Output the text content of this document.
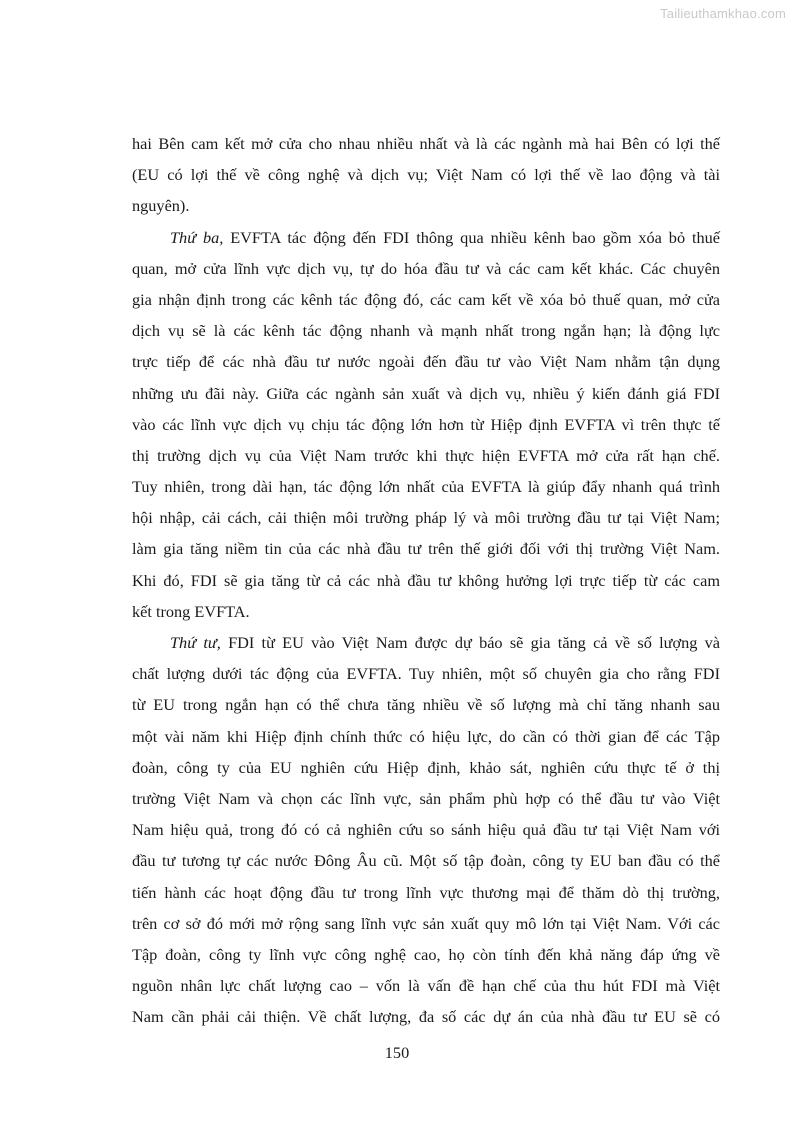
Tailieuthamkhao.com
hai Bên cam kết mở cửa cho nhau nhiều nhất và là các ngành mà hai Bên có lợi thế
(EU có lợi thế về công nghệ và dịch vụ; Việt Nam có lợi thế về lao động và tài
nguyên).
Thứ ba, EVFTA tác động đến FDI thông qua nhiều kênh bao gồm xóa bỏ thuế
quan, mở cửa lĩnh vực dịch vụ, tự do hóa đầu tư và các cam kết khác. Các chuyên
gia nhận định trong các kênh tác động đó, các cam kết về xóa bỏ thuế quan, mở cửa
dịch vụ sẽ là các kênh tác động nhanh và mạnh nhất trong ngắn hạn; là động lực
trực tiếp để các nhà đầu tư nước ngoài đến đầu tư vào Việt Nam nhằm tận dụng
những ưu đãi này. Giữa các ngành sản xuất và dịch vụ, nhiều ý kiến đánh giá FDI
vào các lĩnh vực dịch vụ chịu tác động lớn hơn từ Hiệp định EVFTA vì trên thực tế
thị trường dịch vụ của Việt Nam trước khi thực hiện EVFTA mở cửa rất hạn chế.
Tuy nhiên, trong dài hạn, tác động lớn nhất của EVFTA là giúp đẩy nhanh quá trình
hội nhập, cải cách, cải thiện môi trường pháp lý và môi trường đầu tư tại Việt Nam;
làm gia tăng niềm tin của các nhà đầu tư trên thế giới đối với thị trường Việt Nam.
Khi đó, FDI sẽ gia tăng từ cả các nhà đầu tư không hưởng lợi trực tiếp từ các cam
kết trong EVFTA.
Thứ tư, FDI từ EU vào Việt Nam được dự báo sẽ gia tăng cả về số lượng và
chất lượng dưới tác động của EVFTA. Tuy nhiên, một số chuyên gia cho rằng FDI
từ EU trong ngắn hạn có thể chưa tăng nhiều về số lượng mà chỉ tăng nhanh sau
một vài năm khi Hiệp định chính thức có hiệu lực, do cần có thời gian để các Tập
đoàn, công ty của EU nghiên cứu Hiệp định, khảo sát, nghiên cứu thực tế ở thị
trường Việt Nam và chọn các lĩnh vực, sản phẩm phù hợp có thể đầu tư vào Việt
Nam hiệu quả, trong đó có cả nghiên cứu so sánh hiệu quả đầu tư tại Việt Nam với
đầu tư tương tự các nước Đông Âu cũ. Một số tập đoàn, công ty EU ban đầu có thể
tiến hành các hoạt động đầu tư trong lĩnh vực thương mại để thăm dò thị trường,
trên cơ sở đó mới mở rộng sang lĩnh vực sản xuất quy mô lớn tại Việt Nam. Với các
Tập đoàn, công ty lĩnh vực công nghệ cao, họ còn tính đến khả năng đáp ứng về
nguồn nhân lực chất lượng cao – vốn là vấn đề hạn chế của thu hút FDI mà Việt
Nam cần phải cải thiện. Về chất lượng, đa số các dự án của nhà đầu tư EU sẽ có
150
